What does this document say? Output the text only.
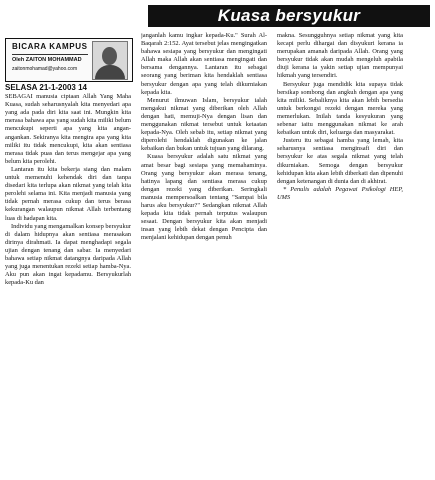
Kuasa bersyukur
BICARA KAMPUS
Oleh ZAITON MOHAMMAD
zaitonmohamad@yahoo.com
SELASA 21-1-2003 14

SEBAGAI manusia ciptaan Allah Yang Maha Kuasa, sudah seharusnyalah kita menyedari apa yang ada pada diri kita saat ini. Mungkin kita merasa bahawa apa yang sudah kita miliki belum mencukupi seperti apa yang kita angan-angankan. Sekiranya kita mengira apa yang kita miliki itu tidak mencukupi, kita akan sentiasa merasa tidak puas dan terus mengejar apa yang belum kita perolehi.

Lantaran itu kita bekerja siang dan malam untuk memenuhi kehendak diri dan tanpa disedari kita terlupa akan nikmat yang telah kita perolehi selama ini. Kita menjadi manusia yang tidak pernah merasa cukup dan terus berasa kekurangan walaupun nikmat Allah terbentang luas di hadapan kita.

Individu yang mengamalkan konsep bersyukur di dalam hidupnya akan sentiasa merasakan dirinya dirahmati. Ia dapat menghadapi segala ujian dengan tenang dan sabar. Ia menyedari bahawa setiap nikmat datangnya daripada Allah yang juga menentukan rezeki setiap hamba-Nya. Aku pun akan ingat kepadamu. Bersyukurlah kepada-Ku dan

janganlah kamu ingkar kepada-Ku." Surah Al-Baqarah 2:152. Ayat tersebut jelas mengingatkan bahawa sesiapa yang bersyukur dan mengingati Allah maka Allah akan sentiasa mengingati dan bersama dengannya. Lantaran itu sebagai seorang yang beriman kita hendaklah sentiasa bersyukur dengan apa yang telah dikurniakan kepada kita.

Menurut ilmuwan Islam, bersyukur ialah mengakui nikmat yang diberikan oleh Allah dengan hati, memuji-Nya dengan lisan dan menggunakan nikmat tersebut untuk ketaatan kepada-Nya. Oleh sebab itu, setiap nikmat yang diperolehi hendaklah digunakan ke jalan kebaikan dan bukan untuk tujuan yang dilarang.

Kuasa bersyukur adalah satu nikmat yang amat besar bagi sesiapa yang memahaminya. Orang yang bersyukur akan merasa tenang, hatinya lapang dan sentiasa merasa cukup dengan rezeki yang diberikan. Seringkali manusia mempersoalkan tentang "Sampai bila harus aku bersyukur?" Sedangkan nikmat Allah kepada kita tidak pernah terputus walaupun sesaat. Dengan bersyukur kita akan menjadi insan yang lebih dekat dengan Pencipta dan menjalani kehidupan dengan penuh

makna. Sesungguhnya setiap nikmat yang kita kecapi perlu dihargai dan disyukuri kerana ia merupakan amanah daripada Allah. Orang yang bersyukur tidak akan mudah mengeluh apabila diuji kerana ia yakin setiap ujian mempunyai hikmah yang tersendiri.

Bersyukur juga mendidik kita supaya tidak bersikap sombong dan angkuh dengan apa yang kita miliki. Sebaliknya kita akan lebih bersedia untuk berkongsi rezeki dengan mereka yang memerlukan. Inilah tanda kesyukuran yang sebenar iaitu menggunakan nikmat ke arah kebaikan untuk diri, keluarga dan masyarakat.

Justeru itu sebagai hamba yang lemah, kita seharusnya sentiasa menginsafi diri dan bersyukur ke atas segala nikmat yang telah dikurniakan. Semoga dengan bersyukur kehidupan kita akan lebih diberkati dan dipenuhi dengan ketenangan di dunia dan di akhirat.

* Penulis adalah Pegawai Psikologi HEP, UMS
